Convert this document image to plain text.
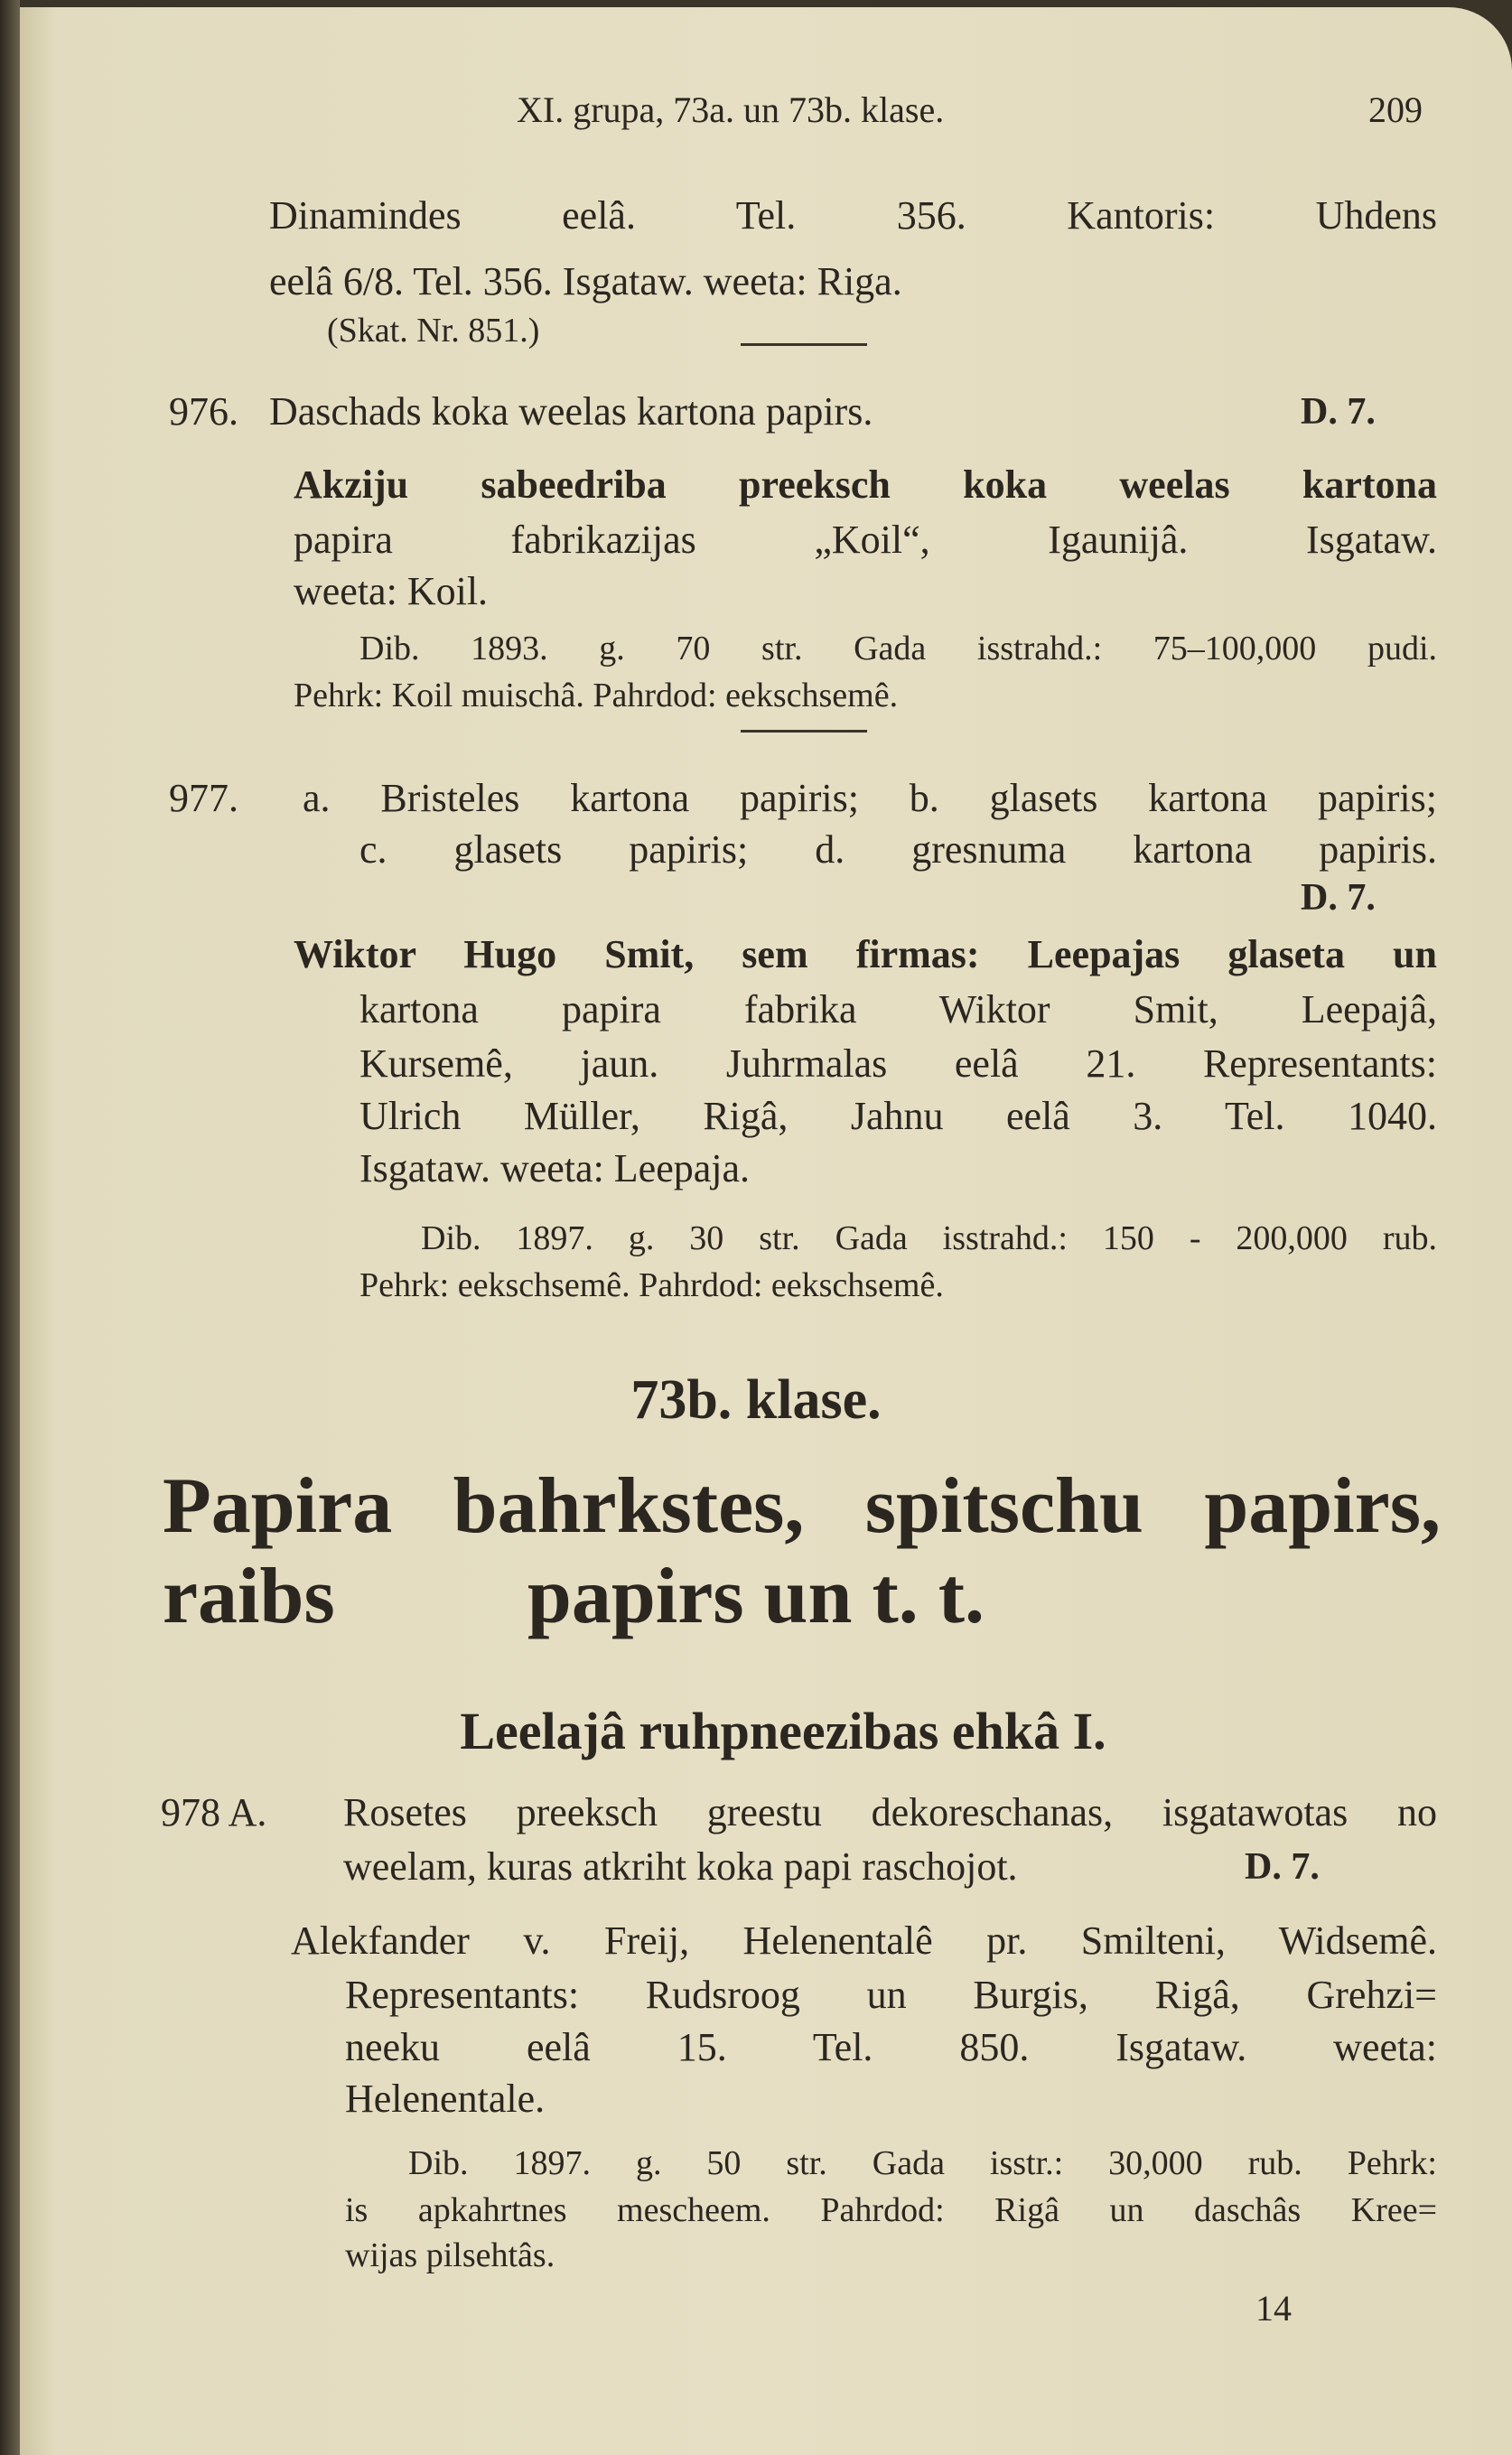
XI. grupa, 73a. un 73b. klase.	209
Dinamindes eelâ. Tel. 356. Kantoris: Uhdens
eelâ 6/8. Tel. 356. Isgataw. weeta: Riga.
(Skat. Nr. 851.)
976. Daschads koka weelas kartona papirs.	D. 7.
Akziju sabeedriba preeksch koka weelas kartona
papira fabrikazijas „Koil“, Igaunijâ. Isgataw.
weeta: Koil.
Dib. 1893. g. 70 str. Gada isstrahd.: 75–100,000 pudi.
Pehrk: Koil muischâ. Pahrdod: eekschsemê.
977. a. Bristeles kartona papiris; b. glasets kartona papiris;
c. glasets papiris; d. gresnuma kartona papiris.
D. 7.
Wiktor Hugo Smit, sem firmas: Leepajas glaseta un
kartona papira fabrika Wiktor Smit, Leepajâ,
Kursemê, jaun. Juhrmalas eelâ 21. Representants:
Ulrich Müller, Rigâ, Jahnu eelâ 3. Tel. 1040.
Isgataw. weeta: Leepaja.
Dib. 1897. g. 30 str. Gada isstrahd.: 150 - 200,000 rub.
Pehrk: eekschsemê. Pahrdod: eekschsemê.
73b. klase.
Papira bahrkstes, spitschu papirs, raibs	papirs un t. t.
Leelajâ ruhpneezibas ehkâ I.
978 A. Rosetes preeksch greestu dekoreschanas, isgatawotas no
weelam, kuras atkriht koka papi raschojot.	D. 7.
Alekfander v. Freij, Helenentalê pr. Smilteni, Widsemê.
Representants: Rudsroog un Burgis, Rigâ, Grehzi=
neeku eelâ 15. Tel. 850. Isgataw. weeta:
Helenentale.
Dib. 1897. g. 50 str. Gada isstr.: 30,000 rub. Pehrk:
is apkahrtnes meschеem. Pahrdod: Rigâ un daschâs Kree=
wijas pilsehtâs.
14
